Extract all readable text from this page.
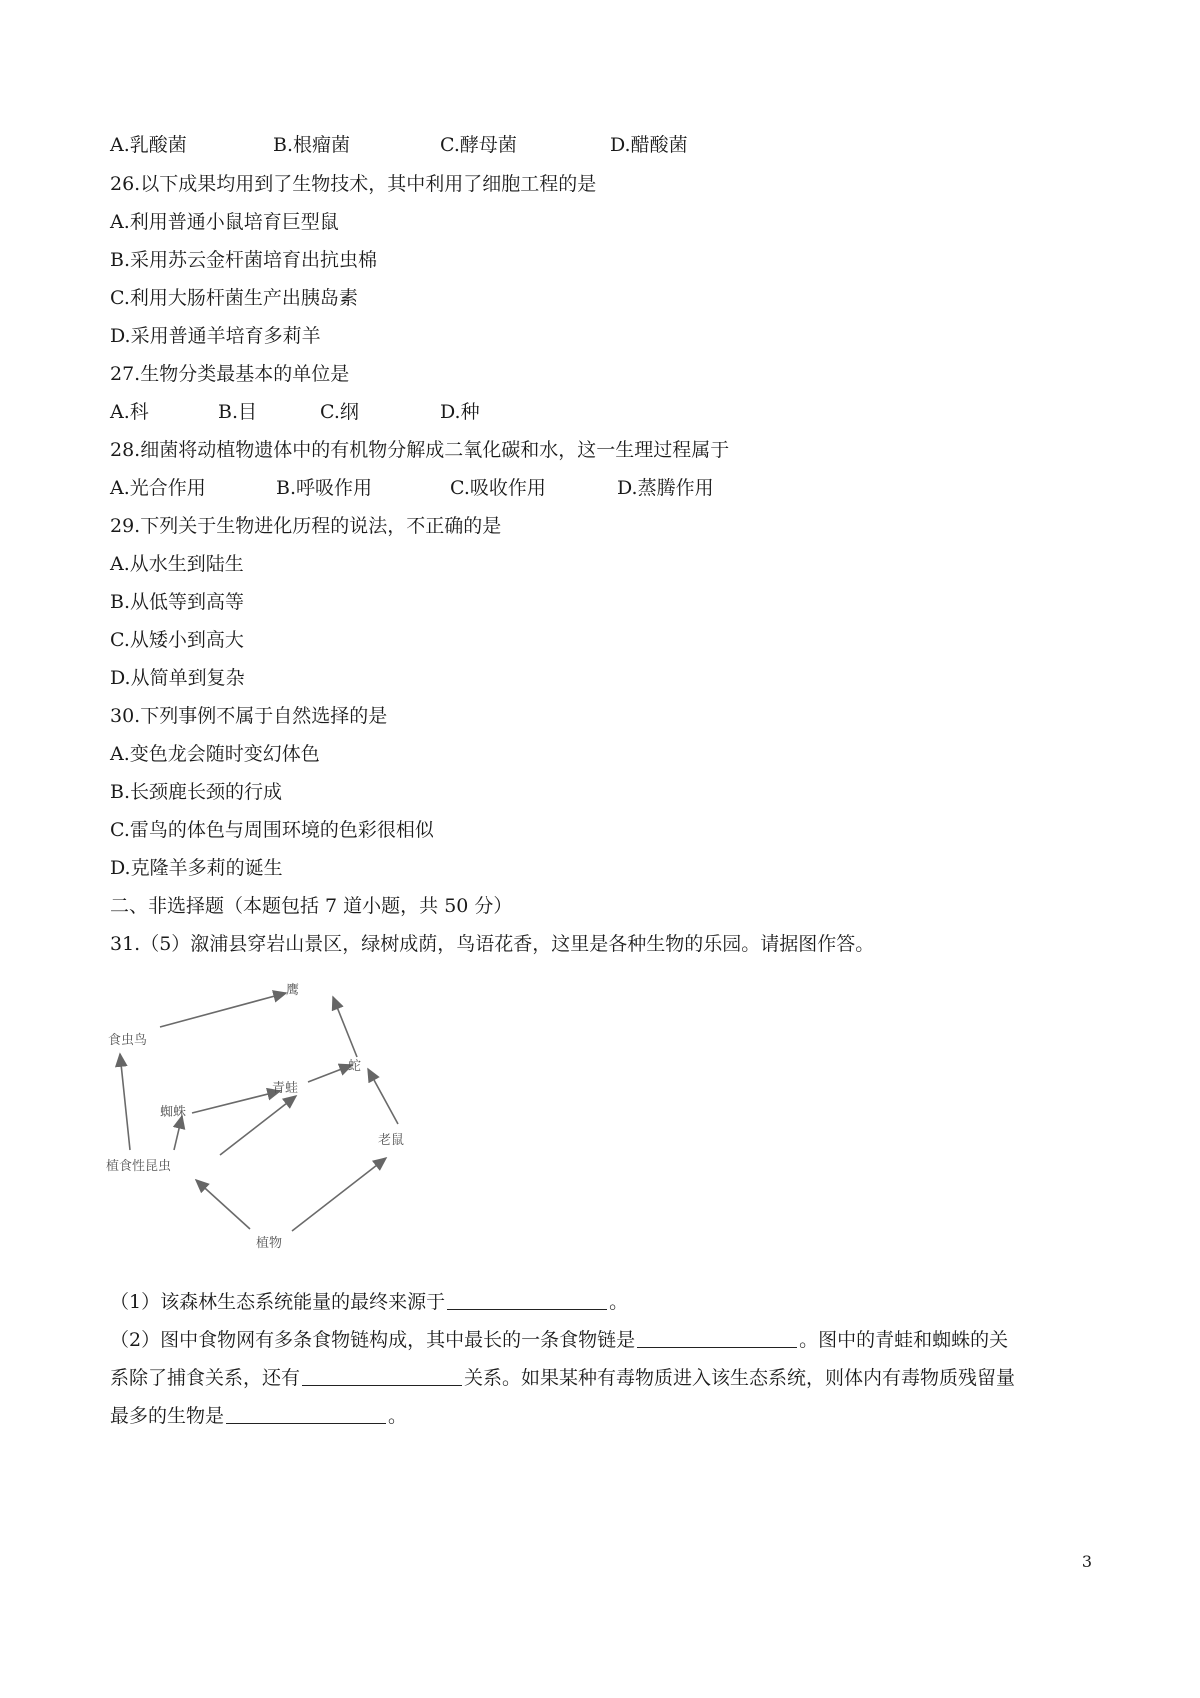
A.乳酸菌	B.根瘤菌	C.酵母菌	D.醋酸菌
26.以下成果均用到了生物技术，其中利用了细胞工程的是
A.利用普通小鼠培育巨型鼠
B.采用苏云金杆菌培育出抗虫棉
C.利用大肠杆菌生产出胰岛素
D.采用普通羊培育多莉羊
27.生物分类最基本的单位是
A.科	B.目	C.纲	D.种
28.细菌将动植物遗体中的有机物分解成二氧化碳和水，这一生理过程属于
A.光合作用	B.呼吸作用	C.吸收作用	D.蒸腾作用
29.下列关于生物进化历程的说法，不正确的是
A.从水生到陆生
B.从低等到高等
C.从矮小到高大
D.从简单到复杂
30.下列事例不属于自然选择的是
A.变色龙会随时变幻体色
B.长颈鹿长颈的行成
C.雷鸟的体色与周围环境的色彩很相似
D.克隆羊多莉的诞生
二、非选择题（本题包括 7 道小题，共 50 分）
31.（5）溆浦县穿岩山景区，绿树成荫，鸟语花香，这里是各种生物的乐园。请据图作答。
鹰
食虫鸟
蛇
青蛙
蜘蛛
老鼠
植食性昆虫
植物
（1）该森林生态系统能量的最终来源于	。
（2）图中食物网有多条食物链构成，其中最长的一条食物链是	。图中的青蛙和蜘蛛的关
系除了捕食关系，还有	关系。如果某种有毒物质进入该生态系统，则体内有毒物质残留量
最多的生物是	。
3
